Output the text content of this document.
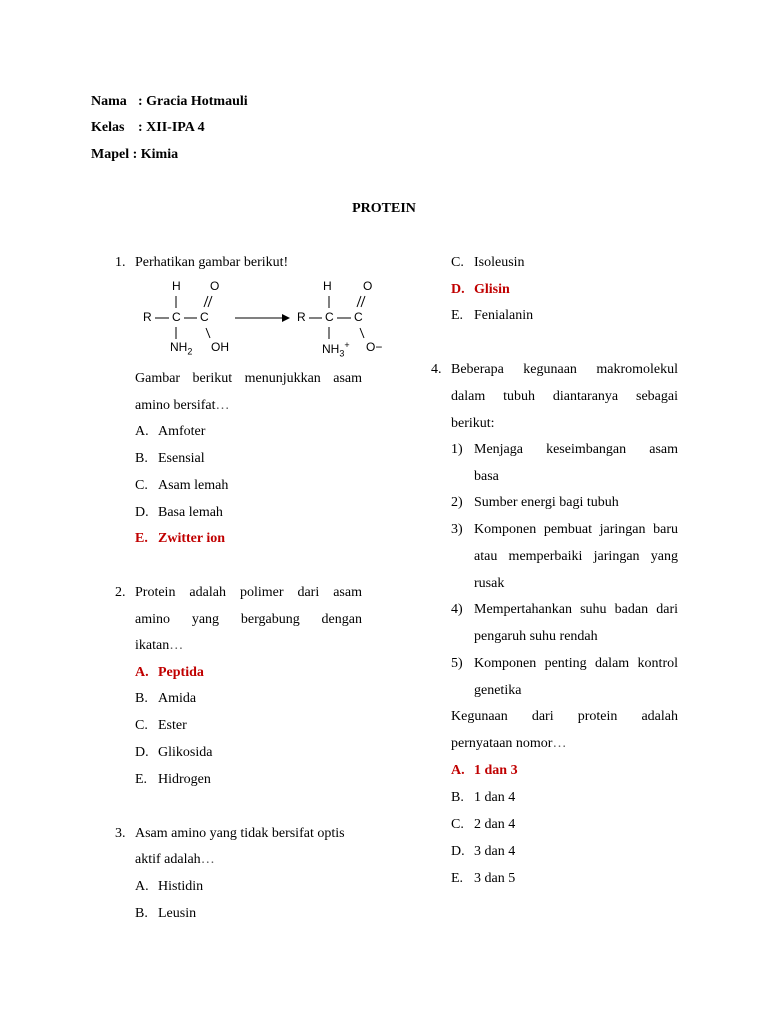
Nama : Gracia Hotmauli
Kelas : XII-IPA 4
Mapel : Kimia
PROTEIN
1. Perhatikan gambar berikut!
H O
R C C
$NH_2$ OH
H	O
R C C
$NH_3^+$ O−
Gambar berikut menunjukkan asam
amino bersifat…
A. Amfoter
B. Esensial
C. Asam lemah
D. Basa lemah
E. Zwitter ion
2. Protein adalah polimer dari asam
amino yang bergabung dengan
ikatan…
A. Peptida
B. Amida
C. Ester
D. Glikosida
E. Hidrogen
3. Asam amino yang tidak bersifat optis
aktif adalah…
A. Histidin
B. Leusin
C. Isoleusin
D. Glisin
E. Fenialanin
4. Beberapa kegunaan makromolekul
dalam tubuh diantaranya sebagai
berikut:
1) Menjaga keseimbangan asam
basa
2) Sumber energi bagi tubuh
3) Komponen pembuat jaringan baru
atau memperbaiki jaringan yang
rusak
4) Mempertahankan suhu badan dari
pengaruh suhu rendah
5) Komponen penting dalam kontrol
genetika
Kegunaan dari protein adalah
pernyataan nomor…
A. 1 dan 3
B. 1 dan 4
C. 2 dan 4
D. 3 dan 4
E. 3 dan 5
